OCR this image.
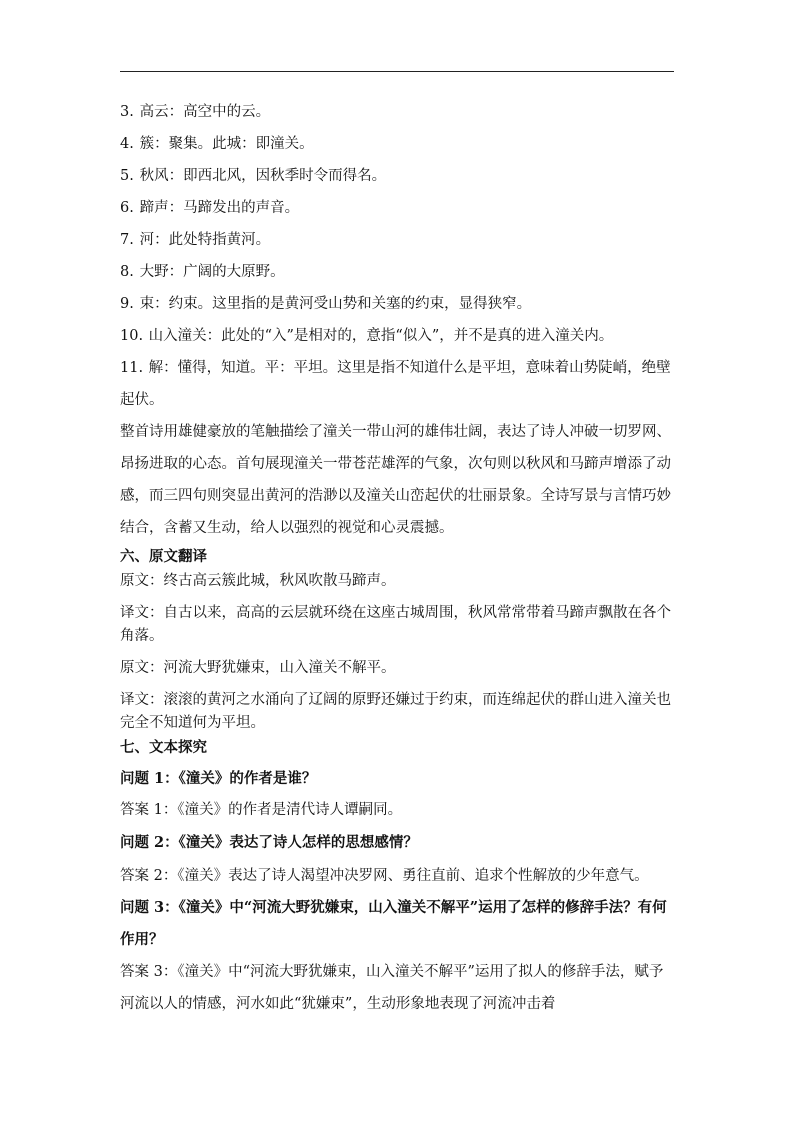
3. 高云：高空中的云。
4. 簇：聚集。此城：即潼关。
5. 秋风：即西北风，因秋季时令而得名。
6. 蹄声：马蹄发出的声音。
7. 河：此处特指黄河。
8. 大野：广阔的大原野。
9. 束：约束。这里指的是黄河受山势和关塞的约束，显得狭窄。
10. 山入潼关：此处的“入”是相对的，意指“似入”，并不是真的进入潼关内。
11. 解：懂得，知道。平：平坦。这里是指不知道什么是平坦，意味着山势陡峭，绝壁起伏。
整首诗用雄健豪放的笔触描绘了潼关一带山河的雄伟壮阔，表达了诗人冲破一切罗网、昂扬进取的心态。首句展现潼关一带苍茫雄浑的气象，次句则以秋风和马蹄声增添了动感，而三四句则突显出黄河的浩渺以及潼关山峦起伏的壮丽景象。全诗写景与言情巧妙结合，含蓄又生动，给人以强烈的视觉和心灵震撼。
六、原文翻译
原文：终古高云簇此城，秋风吹散马蹄声。
译文：自古以来，高高的云层就环绕在这座古城周围，秋风常常带着马蹄声飘散在各个角落。
原文：河流大野犹嫌束，山入潼关不解平。
译文：滚滚的黄河之水涌向了辽阔的原野还嫌过于约束，而连绵起伏的群山进入潼关也完全不知道何为平坦。
七、文本探究
问题 1：《潼关》的作者是谁？
答案 1：《潼关》的作者是清代诗人谭嗣同。
问题 2：《潼关》表达了诗人怎样的思想感情？
答案 2：《潼关》表达了诗人渴望冲决罗网、勇往直前、追求个性解放的少年意气。
问题 3：《潼关》中“河流大野犹嫌束，山入潼关不解平”运用了怎样的修辞手法？有何作用？
答案 3：《潼关》中“河流大野犹嫌束，山入潼关不解平”运用了拟人的修辞手法，赋予河流以人的情感，河水如此“犹嫌束”，生动形象地表现了河流冲击着
